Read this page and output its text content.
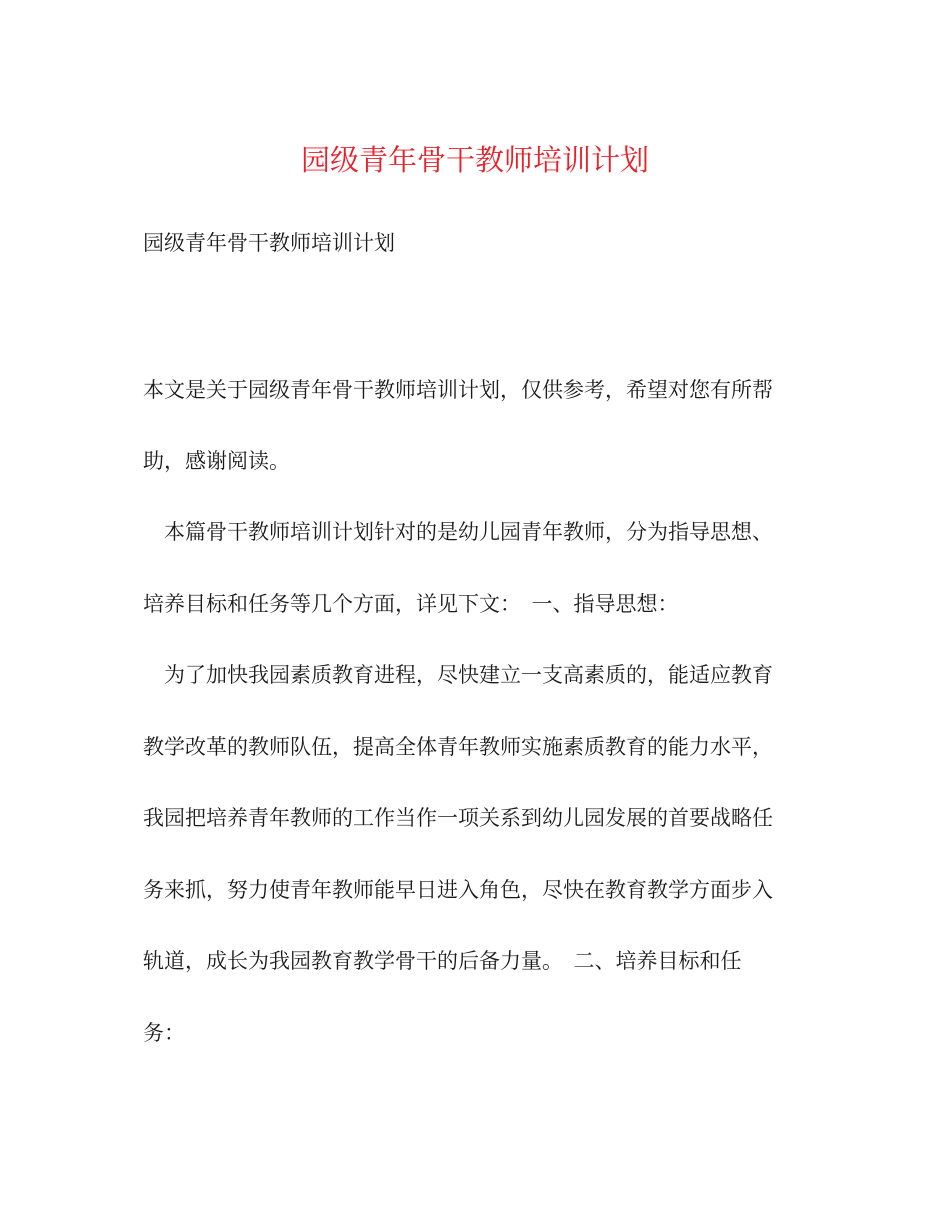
园级青年骨干教师培训计划
园级青年骨干教师培训计划
本文是关于园级青年骨干教师培训计划，仅供参考，希望对您有所帮
助，感谢阅读。
　本篇骨干教师培训计划针对的是幼儿园青年教师，分为指导思想、
培养目标和任务等几个方面，详见下文：　一、指导思想：
　为了加快我园素质教育进程，尽快建立一支高素质的，能适应教育
教学改革的教师队伍，提高全体青年教师实施素质教育的能力水平，
我园把培养青年教师的工作当作一项关系到幼儿园发展的首要战略任
务来抓，努力使青年教师能早日进入角色，尽快在教育教学方面步入
轨道，成长为我园教育教学骨干的后备力量。　二、培养目标和任
务：
